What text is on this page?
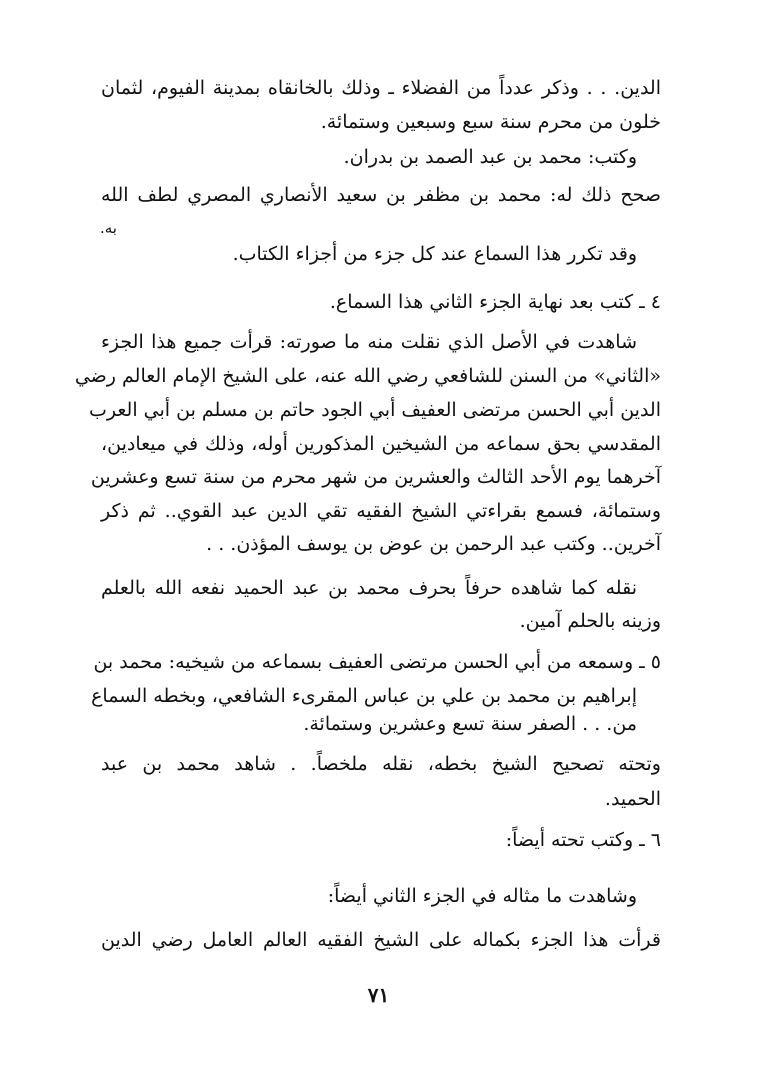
الدين. . . وذكر عدداً من الفضلاء ـ وذلك بالخانقاه بمدينة الفيوم، لثمان
خلون من محرم سنة سبع وسبعين وستمائة.
وكتب: محمد بن عبد الصمد بن بدران.
صحح ذلك له: محمد بن مظفر بن سعيد الأنصاري المصري لطف الله
به.
وقد تكرر هذا السماع عند كل جزء من أجزاء الكتاب.
٤ ـ كتب بعد نهاية الجزء الثاني هذا السماع.
شاهدت في الأصل الذي نقلت منه ما صورته: قرأت جميع هذا الجزء
«الثاني» من السنن للشافعي رضي الله عنه، على الشيخ الإمام العالم رضي
الدين أبي الحسن مرتضى العفيف أبي الجود حاتم بن مسلم بن أبي العرب
المقدسي بحق سماعه من الشيخين المذكورين أوله، وذلك في ميعادين،
آخرهما يوم الأحد الثالث والعشرين من شهر محرم من سنة تسع وعشرين
وستمائة، فسمع بقراءتي الشيخ الفقيه تقي الدين عبد القوي.. ثم ذكر
آخرين.. وكتب عبد الرحمن بن عوض بن يوسف المؤذن. . .
نقله كما شاهده حرفاً بحرف محمد بن عبد الحميد نفعه الله بالعلم
وزينه بالحلم آمين.
٥ ـ وسمعه من أبي الحسن مرتضى العفيف بسماعه من شيخيه: محمد بن
إبراهيم بن محمد بن علي بن عباس المقرىء الشافعي، وبخطه السماع
من. . . الصفر سنة تسع وعشرين وستمائة.
وتحته تصحيح الشيخ بخطه، نقله ملخصاً. . شاهد محمد بن عبد
الحميد.
٦ ـ وكتب تحته أيضاً:
وشاهدت ما مثاله في الجزء الثاني أيضاً:
قرأت هذا الجزء بكماله على الشيخ الفقيه العالم العامل رضي الدين
٧١
